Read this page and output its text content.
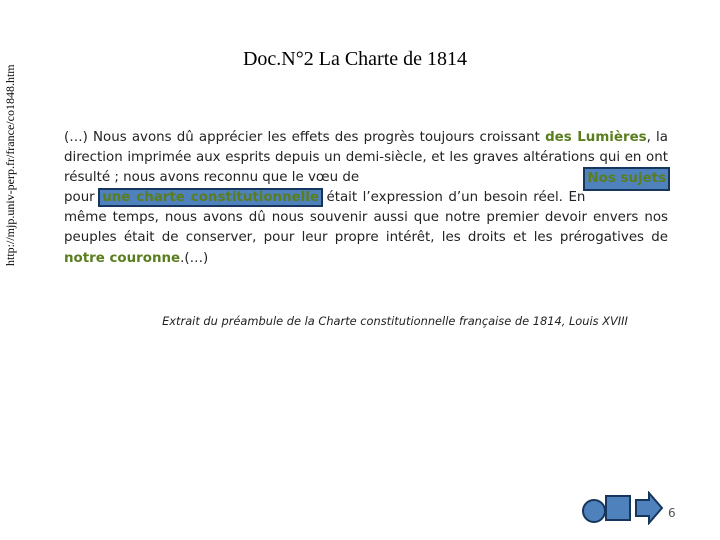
http://mjp.univ-perp.fr/france/co1848.htm
Doc.N°2 La Charte de 1814
(…) Nous avons dû apprécier les effets des progrès toujours croissant des Lumières, la direction imprimée aux esprits depuis un demi-siècle, et les graves altérations qui en ont résulté ; nous avons reconnu que le vœu de	Nos sujets

pour une charte constitutionnelle était l’expression d’un besoin réel. En même temps, nous avons dû nous souvenir aussi que notre premier devoir envers nos peuples était de conserver, pour leur propre intérêt, les droits et les prérogatives de notre couronne.(…)
Extrait du préambule de la Charte constitutionnelle française de 1814, Louis XVIII
6
